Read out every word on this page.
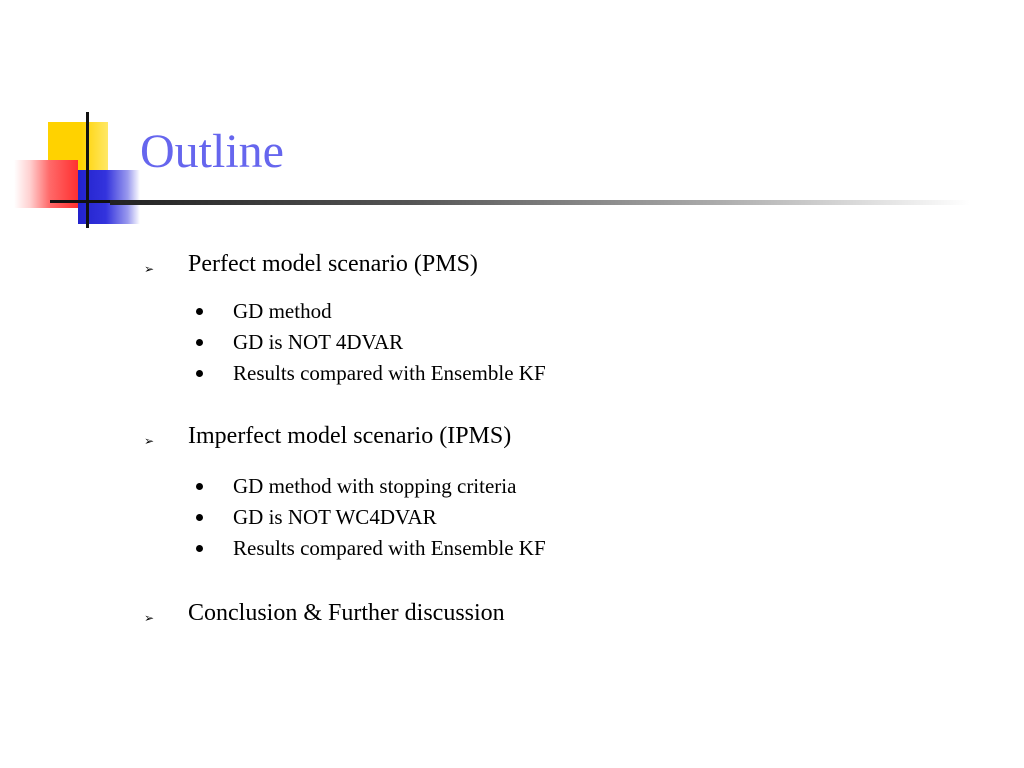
Outline
➢ Perfect model scenario (PMS)
GD method
GD is NOT 4DVAR
Results compared with Ensemble KF
➢ Imperfect model scenario (IPMS)
GD method with stopping criteria
GD is NOT WC4DVAR
Results compared with Ensemble KF
➢ Conclusion & Further discussion
